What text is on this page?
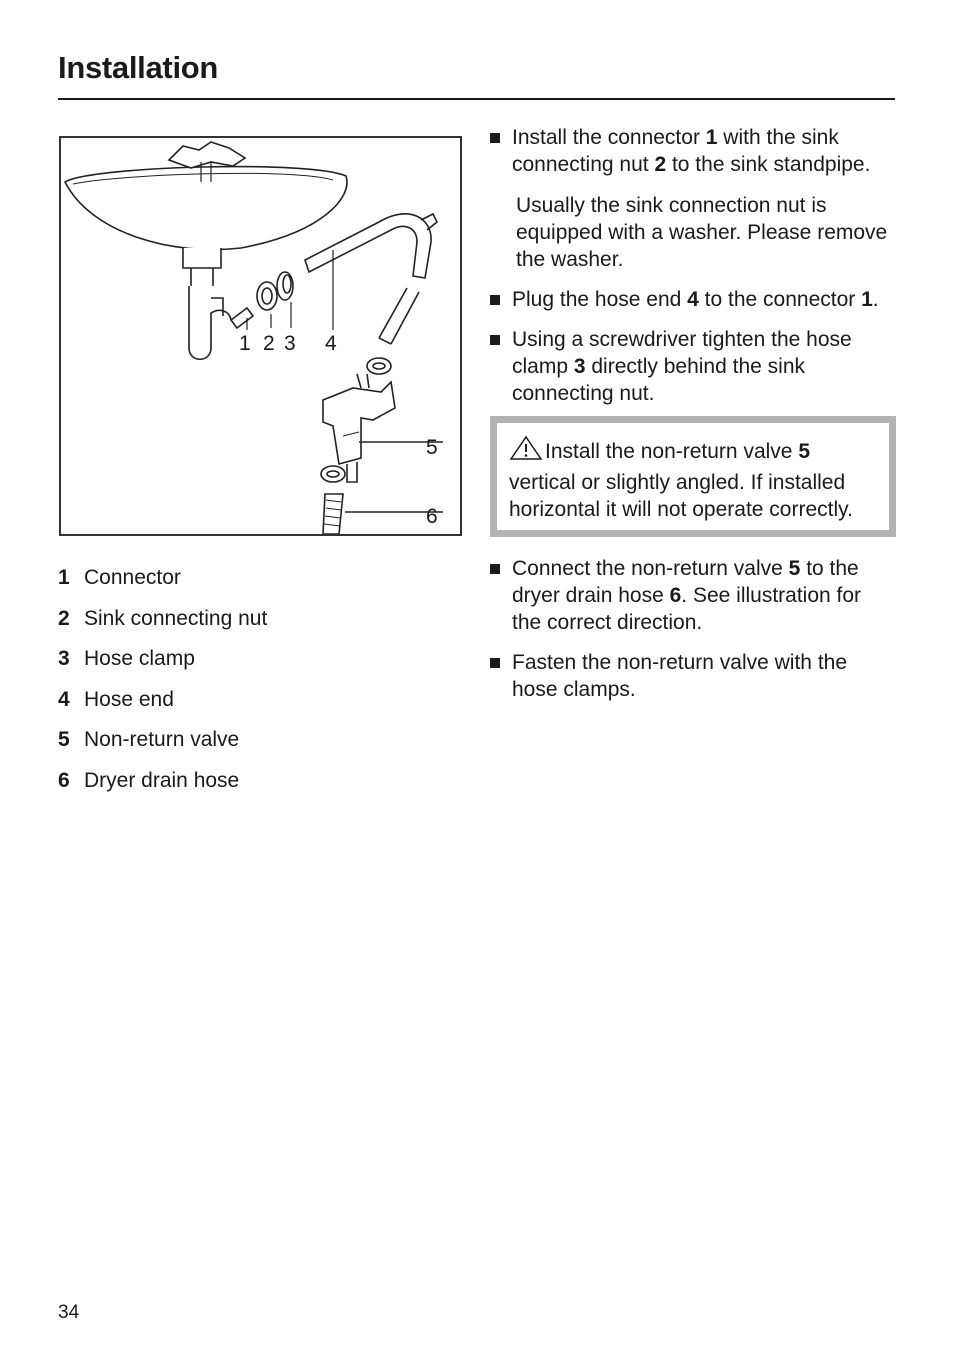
Installation
1 2 3 4
5
6
1 Connector
2 Sink connecting nut
3 Hose clamp
4 Hose end
5 Non-return valve
6 Dryer drain hose
Install the connector 1 with the sink connecting nut 2 to the sink standpipe.
Usually the sink connection nut is equipped with a washer. Please remove the washer.
Plug the hose end 4 to the connector 1.
Using a screwdriver tighten the hose clamp 3 directly behind the sink connecting nut.
Install the non-return valve 5 vertical or slightly angled. If installed horizontal it will not operate correctly.
Connect the non-return valve 5 to the dryer drain hose 6. See illustration for the correct direction.
Fasten the non-return valve with the hose clamps.
34
